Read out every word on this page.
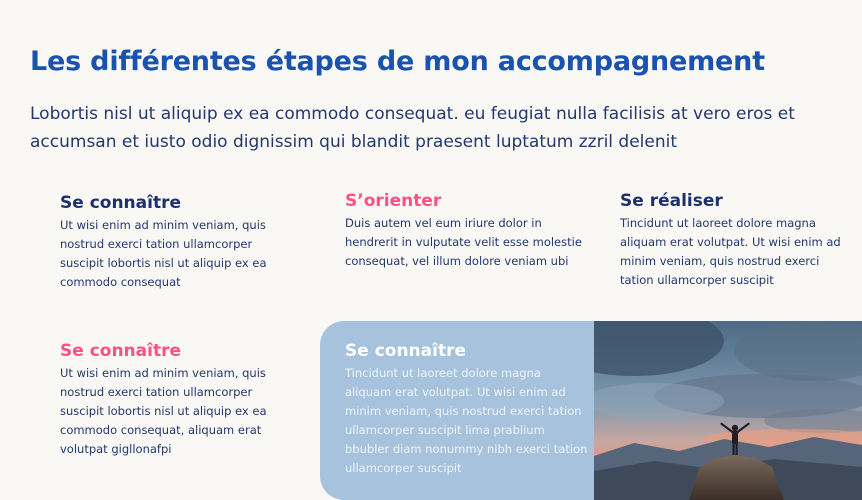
Les différentes étapes de mon accompagnement
Lobortis nisl ut aliquip ex ea commodo consequat. eu feugiat nulla facilisis at vero eros et accumsan et iusto odio dignissim qui blandit praesent luptatum zzril delenit
Se connaître

Ut wisi enim ad minim veniam, quis nostrud exerci tation ullamcorper suscipit lobortis nisl ut aliquip ex ea commodo consequat

S’orienter

Duis autem vel eum iriure dolor in hendrerit in vulputate velit esse molestie consequat, vel illum dolore veniam ubi

Se réaliser

Tincidunt ut laoreet dolore magna aliquam erat volutpat. Ut wisi enim ad minim veniam, quis nostrud exerci tation ullamcorper suscipit

Se connaître

Ut wisi enim ad minim veniam, quis nostrud exerci tation ullamcorper suscipit lobortis nisl ut aliquip ex ea commodo consequat, aliquam erat volutpat gigllonafpi

Se connaître

Tincidunt ut laoreet dolore magna aliquam erat volutpat. Ut wisi enim ad minim veniam, quis nostrud exerci tation ullamcorper suscipit lima prablium bbubler diam nonummy nibh exerci tation ullamcorper suscipit
